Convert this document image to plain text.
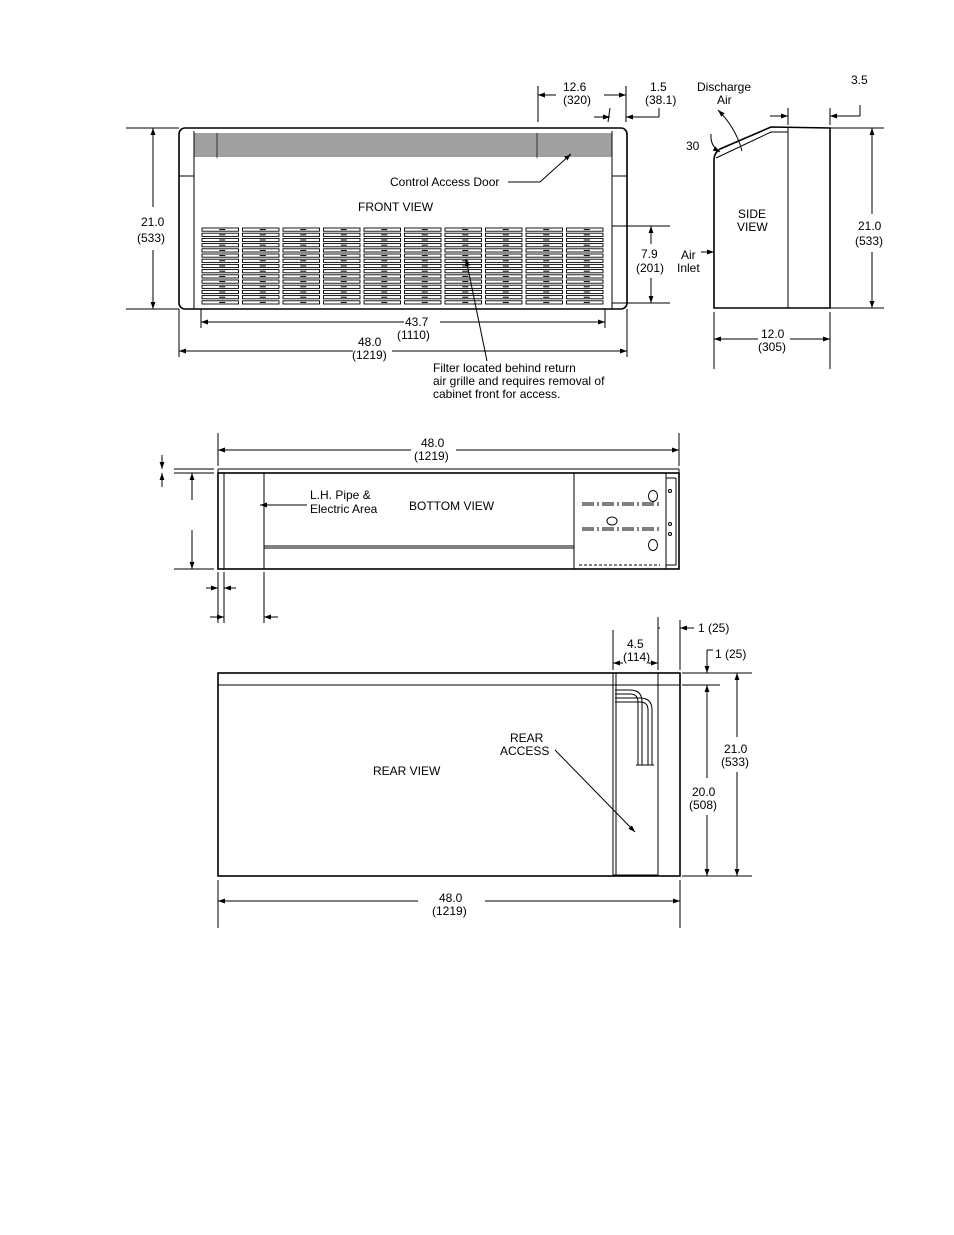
FRONT VIEW
Control Access Door
Filter located behind return
air grille and requires removal of
cabinet front for access.
12.6
(320)
1.5
(38.1)
21.0
(533)
7.9
(201)
43.7
(1110)
48.0
(1219)
SIDE
VIEW
Discharge
Air
30
Air
Inlet
3.5
21.0
(533)
12.0
(305)
BOTTOM VIEW
L.H. Pipe &
Electric Area
48.0
(1219)
REAR VIEW
REAR
ACCESS
4.5
(114)
1 (25)
1 (25)
20.0
(508)
21.0
(533)
48.0
(1219)
